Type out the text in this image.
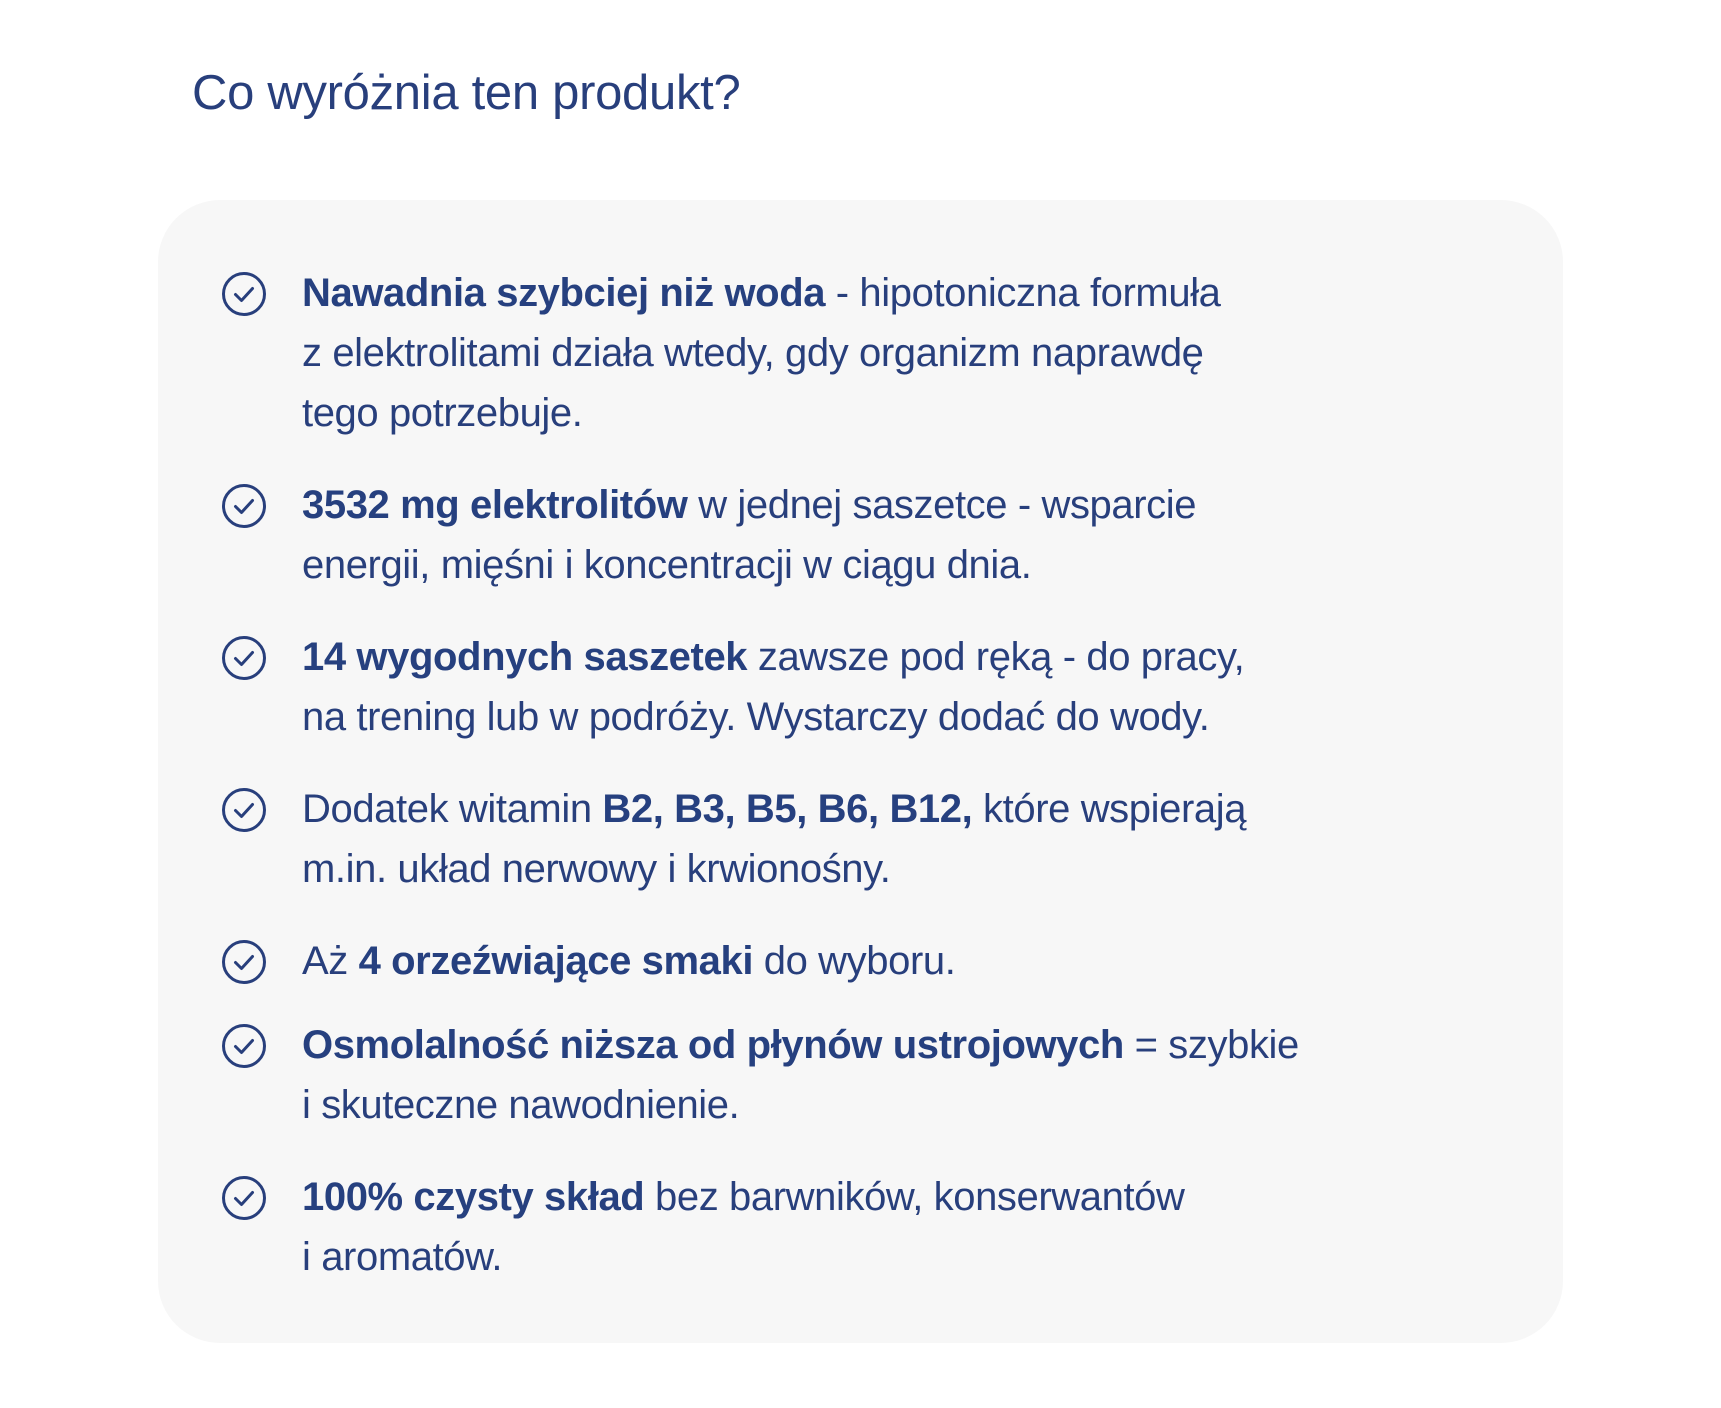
Co wyróżnia ten produkt?
Nawadnia szybciej niż woda - hipotoniczna formuła
z elektrolitami działa wtedy, gdy organizm naprawdę
tego potrzebuje.
3532 mg elektrolitów w jednej saszetce - wsparcie
energii, mięśni i koncentracji w ciągu dnia.
14 wygodnych saszetek zawsze pod ręką - do pracy,
na trening lub w podróży. Wystarczy dodać do wody.
Dodatek witamin B2, B3, B5, B6, B12, które wspierają
m.in. układ nerwowy i krwionośny.
Aż 4 orzeźwiające smaki do wyboru.
Osmolalność niższa od płynów ustrojowych = szybkie
i skuteczne nawodnienie.
100% czysty skład bez barwników, konserwantów
i aromatów.
